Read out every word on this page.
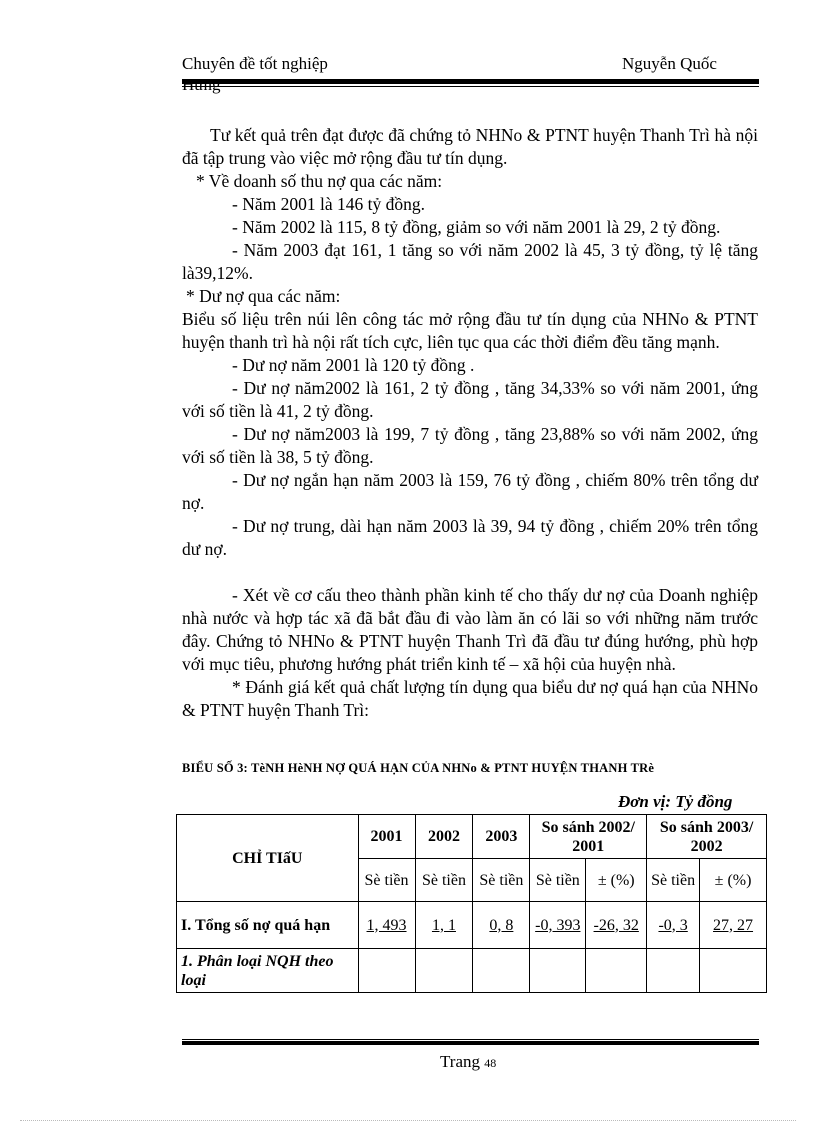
Chuyên đề tốt nghiệp	Nguyễn Quốc
Hưng

Tư kết quả trên đạt được đã chứng tỏ NHNo & PTNT huyện Thanh Trì hà nội đã tập trung vào việc mở rộng đầu tư tín dụng.

* Về doanh số thu nợ qua các năm:

- Năm 2001 là 146 tỷ đồng.

- Năm 2002 là 115, 8 tỷ đồng, giảm so với năm 2001 là 29, 2 tỷ đồng.

- Năm 2003 đạt 161, 1 tăng so với năm 2002 là 45, 3 tỷ đồng, tỷ lệ tăng là39,12%.

* Dư nợ qua các năm:

Biểu số liệu trên núi lên công tác mở rộng đầu tư tín dụng của NHNo & PTNT huyện thanh trì hà nội rất tích cực, liên tục qua các thời điểm đều tăng mạnh.

- Dư nợ năm 2001 là 120 tỷ đồng .

- Dư nợ năm2002 là 161, 2 tỷ đồng , tăng 34,33% so với năm 2001, ứng với số tiền là 41, 2 tỷ đồng.

- Dư nợ năm2003 là 199, 7 tỷ đồng , tăng 23,88% so với năm 2002, ứng với số tiền là 38, 5 tỷ đồng.

- Dư nợ ngắn hạn năm 2003 là 159, 76 tỷ đồng , chiếm 80% trên tổng dư nợ.

- Dư nợ trung, dài hạn năm 2003 là 39, 94 tỷ đồng , chiếm 20% trên tổng dư nợ.

- Xét về cơ cấu theo thành phần kinh tế cho thấy dư nợ của Doanh nghiệp nhà nước và hợp tác xã đã bắt đầu đi vào làm ăn có lãi so với những năm trước đây. Chứng tỏ NHNo & PTNT huyện Thanh Trì đã đầu tư đúng hướng, phù hợp với mục tiêu, phương hướng phát triển kinh tế – xã hội của huyện nhà.

* Đánh giá kết quả chất lượng tín dụng qua biểu dư nợ quá hạn của NHNo & PTNT huyện Thanh Trì:

BIỂU SỐ 3: TèNH HèNH NỢ QUÁ HẠN CỦA NHNo & PTNT HUYỆN THANH TRè
Đơn vị: Tỷ đồng
CHỈ TIấU	2001	2002	2003	So sánh 2002/ 2001		So sánh 2003/ 2002	
	Sè tiền	Sè tiền	Sè tiền	Sè tiền	± (%)	Sè tiền	± (%)
I. Tổng số nợ quá hạn	1, 493	1, 1	0, 8	-0, 393	-26, 32	-0, 3	27, 27
1. Phân loại NQH theo loại							
Trang 48
